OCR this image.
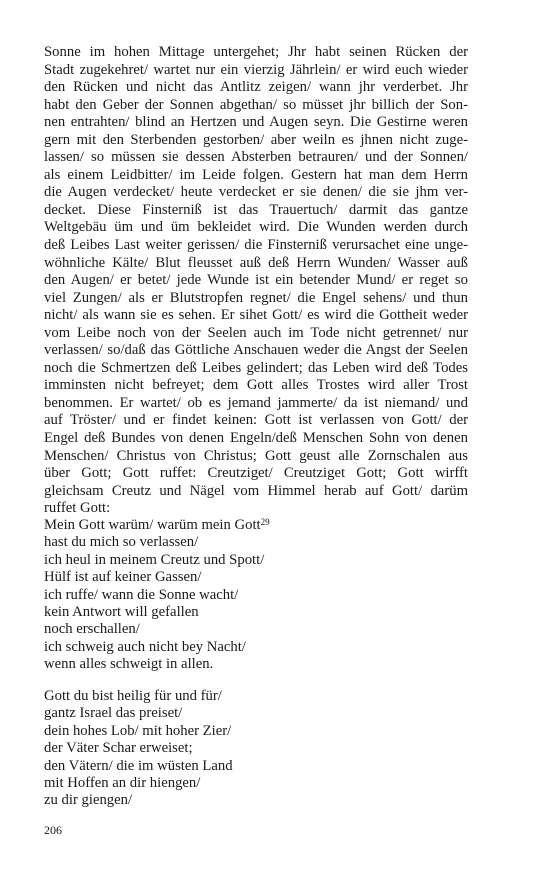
Sonne im hohen Mittage untergehet; Jhr habt seinen Rücken der
Stadt zugekehret/ wartet nur ein vierzig Jährlein/ er wird euch wieder
den Rücken und nicht das Antlitz zeigen/ wann jhr verderbet. Jhr
habt den Geber der Sonnen abgethan/ so müsset jhr billich der Son-
nen entrahten/ blind an Hertzen und Augen seyn. Die Gestirne weren
gern mit den Sterbenden gestorben/ aber weiln es jhnen nicht zuge-
lassen/ so müssen sie dessen Absterben betrauren/ und der Sonnen/
als einem Leidbitter/ im Leide folgen. Gestern hat man dem Herrn
die Augen verdecket/ heute verdecket er sie denen/ die sie jhm ver-
decket. Diese Finsterniß ist das Trauertuch/ darmit das gantze
Weltgebäu üm und üm bekleidet wird. Die Wunden werden durch
deß Leibes Last weiter gerissen/ die Finsterniß verursachet eine unge-
wöhnliche Kälte/ Blut fleusset auß deß Herrn Wunden/ Wasser auß
den Augen/ er betet/ jede Wunde ist ein betender Mund/ er reget so
viel Zungen/ als er Blutstropfen regnet/ die Engel sehens/ und thun
nicht/ als wann sie es sehen. Er sihet Gott/ es wird die Gottheit weder
vom Leibe noch von der Seelen auch im Tode nicht getrennet/ nur
verlassen/ so/daß das Göttliche Anschauen weder die Angst der Seelen
noch die Schmertzen deß Leibes gelindert; das Leben wird deß Todes
imminsten nicht befreyet; dem Gott alles Trostes wird aller Trost
benommen. Er wartet/ ob es jemand jammerte/ da ist niemand/ und
auf Tröster/ und er findet keinen: Gott ist verlassen von Gott/ der
Engel deß Bundes von denen Engeln/deß Menschen Sohn von denen
Menschen/ Christus von Christus; Gott geust alle Zornschalen aus
über Gott; Gott ruffet: Creutziget/ Creutziget Gott; Gott wirfft
gleichsam Creutz und Nägel vom Himmel herab auf Gott/ darüm
ruffet Gott:
Mein Gott warüm/ warüm mein Gott$^{29}$
hast du mich so verlassen/
ich heul in meinem Creutz und Spott/
Hülf ist auf keiner Gassen/
ich ruffe/ wann die Sonne wacht/
kein Antwort will gefallen
noch erschallen/
ich schweig auch nicht bey Nacht/
wenn alles schweigt in allen.
Gott du bist heilig für und für/
gantz Israel das preiset/
dein hohes Lob/ mit hoher Zier/
der Väter Schar erweiset;
den Vätern/ die im wüsten Land
mit Hoffen an dir hiengen/
zu dir giengen/
206
